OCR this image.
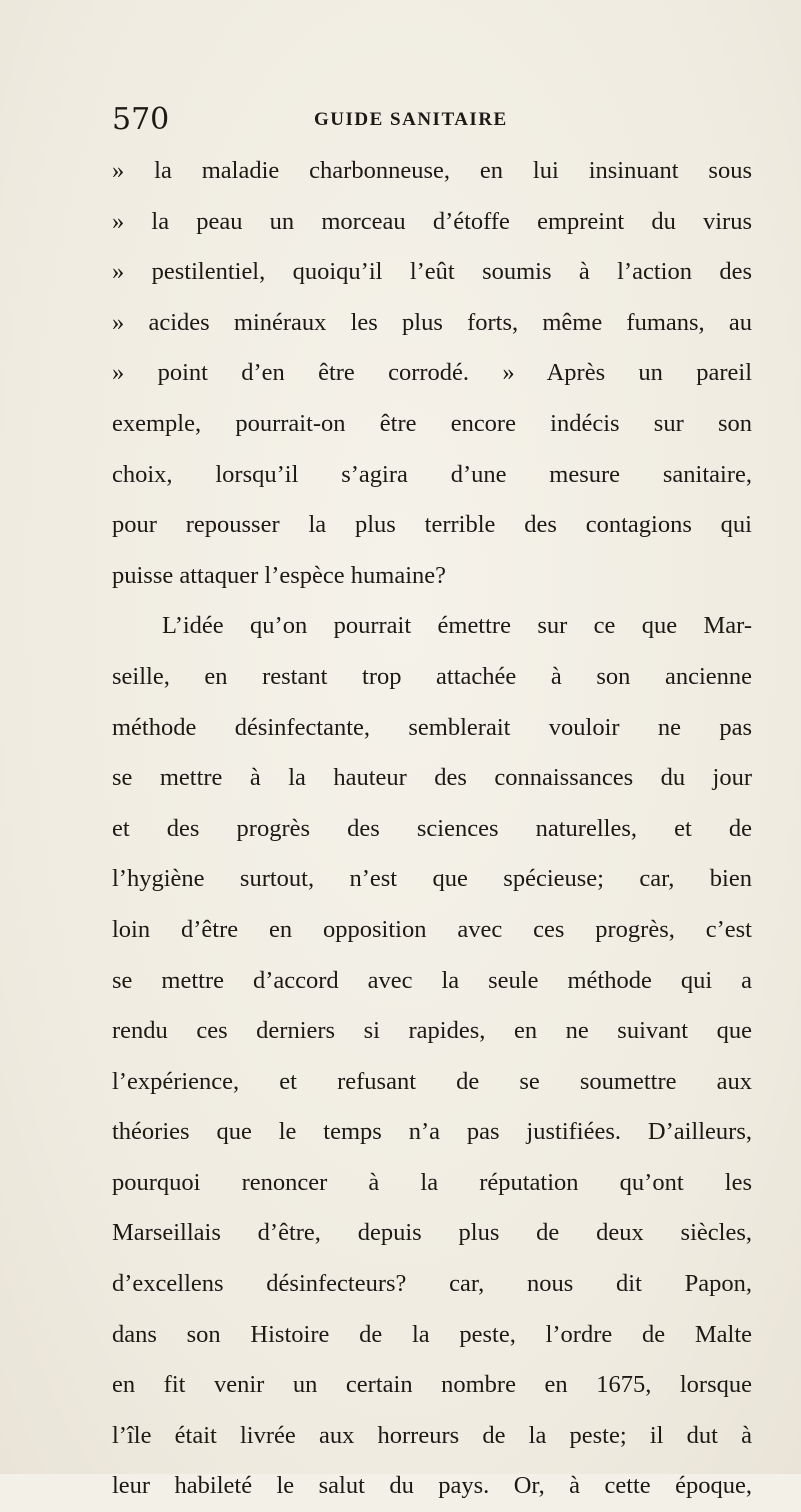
570	GUIDE SANITAIRE
» la maladie charbonneuse, en lui insinuant sous
» la peau un morceau d’étoffe empreint du virus
» pestilentiel, quoiqu’il l’eût soumis à l’action des
» acides minéraux les plus forts, même fumans, au
» point d’en être corrodé. » Après un pareil
exemple, pourrait-on être encore indécis sur son
choix, lorsqu’il s’agira d’une mesure sanitaire,
pour repousser la plus terrible des contagions qui
puisse attaquer l’espèce humaine?
L’idée qu’on pourrait émettre sur ce que Mar-
seille, en restant trop attachée à son ancienne
méthode désinfectante, semblerait vouloir ne pas
se mettre à la hauteur des connaissances du jour
et des progrès des sciences naturelles, et de
l’hygiène surtout, n’est que spécieuse; car, bien
loin d’être en opposition avec ces progrès, c’est
se mettre d’accord avec la seule méthode qui a
rendu ces derniers si rapides, en ne suivant que
l’expérience, et refusant de se soumettre aux
théories que le temps n’a pas justifiées. D’ailleurs,
pourquoi renoncer à la réputation qu’ont les
Marseillais d’être, depuis plus de deux siècles,
d’excellens désinfecteurs? car, nous dit Papon,
dans son Histoire de la peste, l’ordre de Malte
en fit venir un certain nombre en 1675, lorsque
l’île était livrée aux horreurs de la peste; il dut à
leur habileté le salut du pays. Or, à cette époque,
